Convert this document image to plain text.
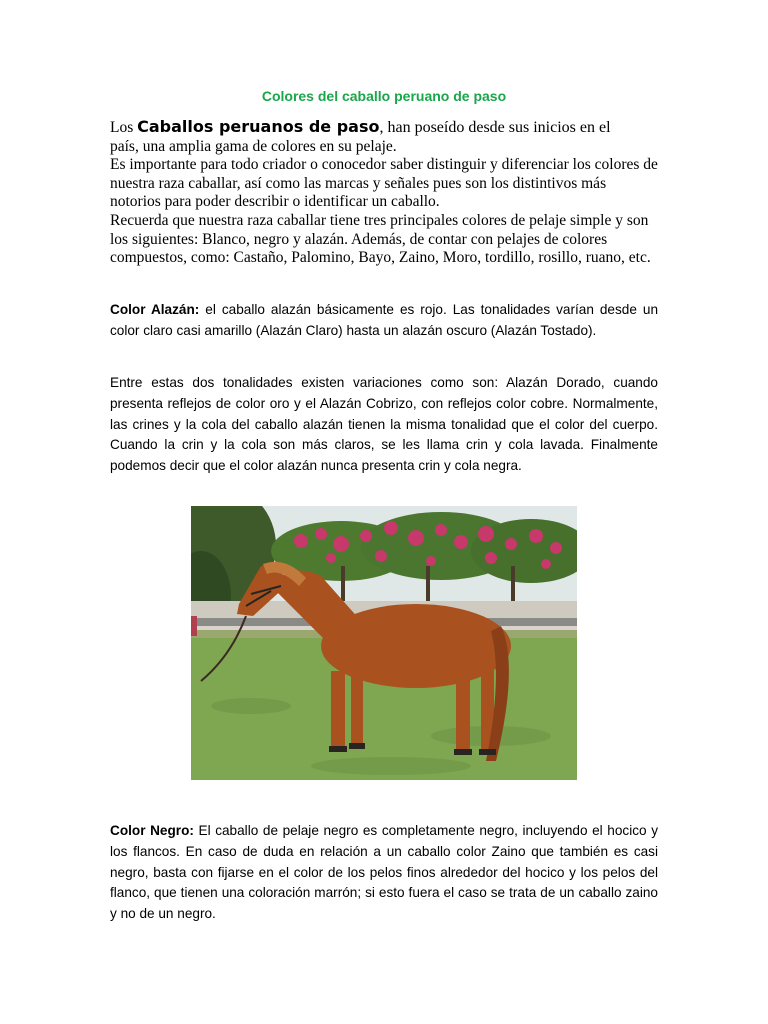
Colores del caballo peruano de paso

Los Caballos peruanos de paso, han poseído desde sus inicios en el

país, una amplia gama de colores en su pelaje.

Es importante para todo criador o conocedor saber distinguir y diferenciar los colores de nuestra raza caballar, así como las marcas y señales pues son los distintivos más notorios para poder describir o identificar un caballo.

Recuerda que nuestra raza caballar tiene tres principales colores de pelaje simple y son los siguientes: Blanco, negro y alazán. Además, de contar con pelajes de colores compuestos, como: Castaño, Palomino, Bayo, Zaino, Moro, tordillo, rosillo, ruano, etc.

Color Alazán: el caballo alazán básicamente es rojo. Las tonalidades varían desde un color claro casi amarillo (Alazán Claro) hasta un alazán oscuro (Alazán Tostado).

Entre estas dos tonalidades existen variaciones como son: Alazán Dorado, cuando presenta reflejos de color oro y el Alazán Cobrizo, con reflejos color cobre. Normalmente, las crines y la cola del caballo alazán tienen la misma tonalidad que el color del cuerpo. Cuando la crin y la cola son más claros, se les llama crin y cola lavada. Finalmente podemos decir que el color alazán nunca presenta crin y cola negra.

Color Negro: El caballo de pelaje negro es completamente negro, incluyendo el hocico y los flancos. En caso de duda en relación a un caballo color Zaino que también es casi negro, basta con fijarse en el color de los pelos finos alrededor del hocico y los pelos del flanco, que tienen una coloración marrón; si esto fuera el caso se trata de un caballo zaino y no de un negro.
